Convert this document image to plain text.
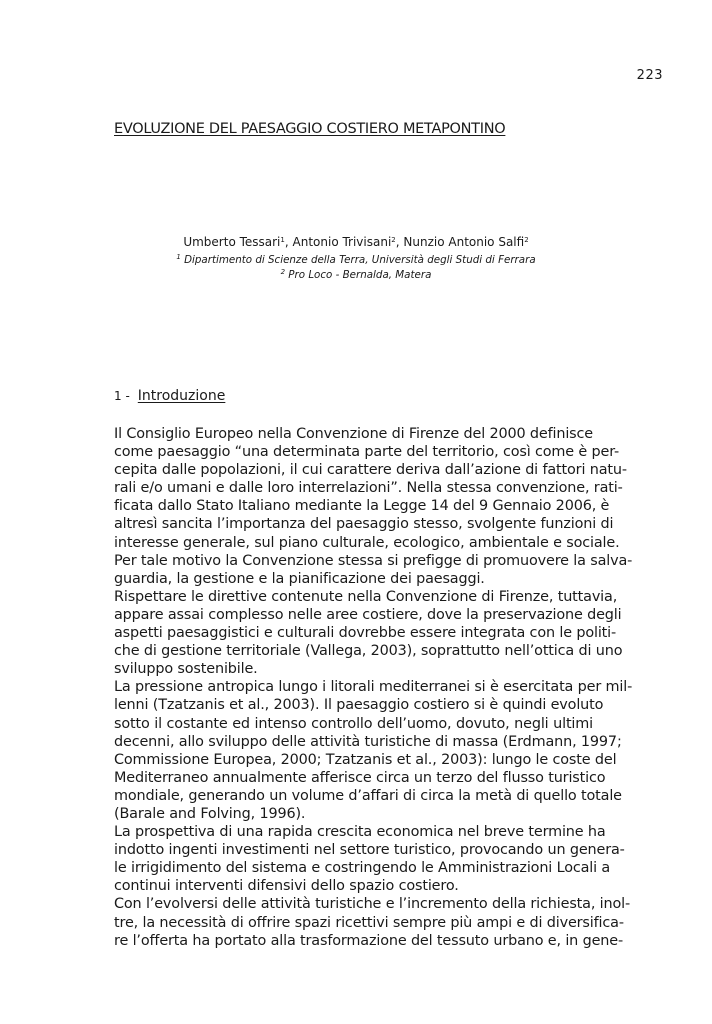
223
EVOLUZIONE DEL PAESAGGIO COSTIERO METAPONTINO
Umberto Tessari$^1$, Antonio Trivisani$^2$, Nunzio Antonio Salfi$^2$
$^1$ Dipartimento di Scienze della Terra, Università degli Studi di Ferrara
$^2$ Pro Loco - Bernalda, Matera
1 - Introduzione
Il Consiglio Europeo nella Convenzione di Firenze del 2000 definisce
come paesaggio “una determinata parte del territorio, così come è per-
cepita dalle popolazioni, il cui carattere deriva dall’azione di fattori natu-
rali e/o umani e dalle loro interrelazioni”. Nella stessa convenzione, rati-
ficata dallo Stato Italiano mediante la Legge 14 del 9 Gennaio 2006, è
altresì sancita l’importanza del paesaggio stesso, svolgente funzioni di
interesse generale, sul piano culturale, ecologico, ambientale e sociale.
Per tale motivo la Convenzione stessa si prefigge di promuovere la salva-
guardia, la gestione e la pianificazione dei paesaggi.
Rispettare le direttive contenute nella Convenzione di Firenze, tuttavia,
appare assai complesso nelle aree costiere, dove la preservazione degli
aspetti paesaggistici e culturali dovrebbe essere integrata con le politi-
che di gestione territoriale (Vallega, 2003), soprattutto nell’ottica di uno
sviluppo sostenibile.
La pressione antropica lungo i litorali mediterranei si è esercitata per mil-
lenni (Tzatzanis et al., 2003). Il paesaggio costiero si è quindi evoluto
sotto il costante ed intenso controllo dell’uomo, dovuto, negli ultimi
decenni, allo sviluppo delle attività turistiche di massa (Erdmann, 1997;
Commissione Europea, 2000; Tzatzanis et al., 2003): lungo le coste del
Mediterraneo annualmente afferisce circa un terzo del flusso turistico
mondiale, generando un volume d’affari di circa la metà di quello totale
(Barale and Folving, 1996).
La prospettiva di una rapida crescita economica nel breve termine ha
indotto ingenti investimenti nel settore turistico, provocando un genera-
le irrigidimento del sistema e costringendo le Amministrazioni Locali a
continui interventi difensivi dello spazio costiero.
Con l’evolversi delle attività turistiche e l’incremento della richiesta, inol-
tre, la necessità di offrire spazi ricettivi sempre più ampi e di diversifica-
re l’offerta ha portato alla trasformazione del tessuto urbano e, in gene-
